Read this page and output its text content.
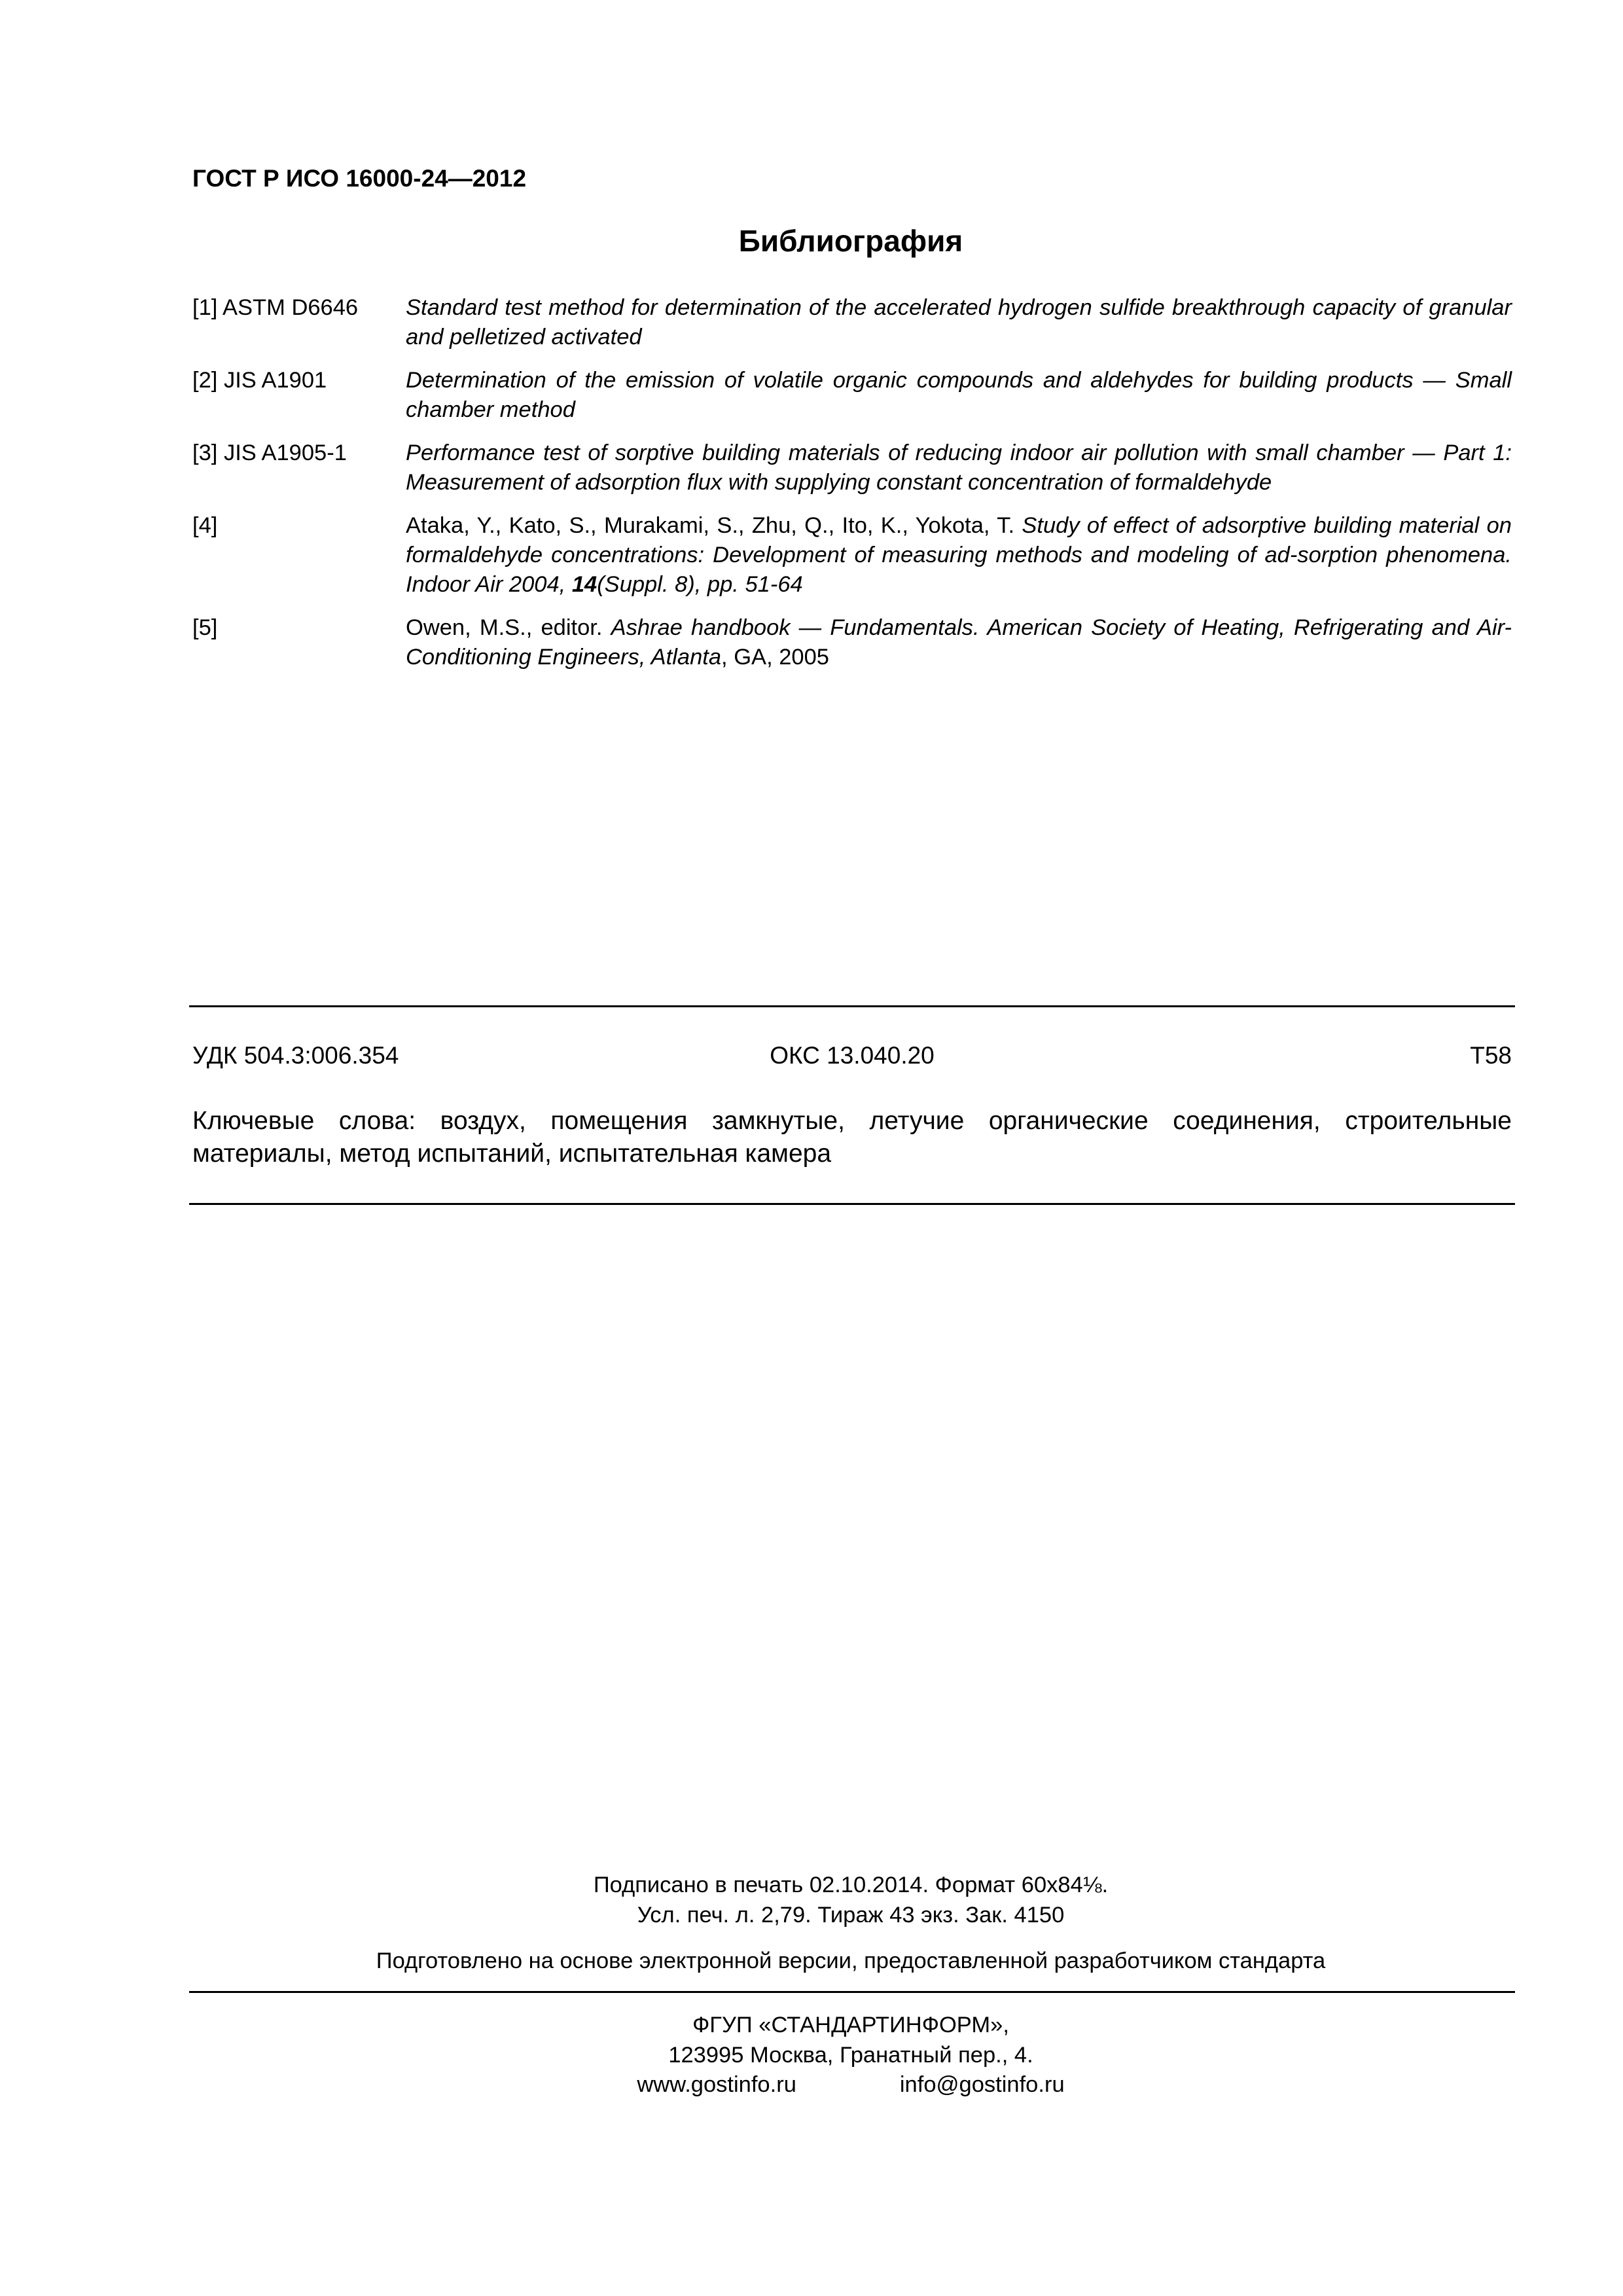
ГОСТ Р ИСО 16000-24—2012
Библиография
[1] ASTM D6646	Standard test method for determination of the accelerated hydrogen sulfide breakthrough capacity of granular and pelletized activated
[2] JIS A1901	Determination of the emission of volatile organic compounds and aldehydes for building products — Small chamber method
[3] JIS A1905-1	Performance test of sorptive building materials of reducing indoor air pollution with small chamber — Part 1: Measurement of adsorption flux with supplying constant concentration of formaldehyde
[4]	Ataka, Y., Kato, S., Murakami, S., Zhu, Q., Ito, K., Yokota, T. Study of effect of adsorptive building material on formaldehyde concentrations: Development of measuring methods and modeling of ad-sorption phenomena. Indoor Air 2004, 14(Suppl. 8), pp. 51-64
[5]	Owen, M.S., editor. Ashrae handbook — Fundamentals. American Society of Heating, Refrigerating and Air-Conditioning Engineers, Atlanta, GA, 2005
УДК 504.3:006.354	ОКС 13.040.20	Т58
Ключевые слова: воздух, помещения замкнутые, летучие органические соединения, строительные материалы, метод испытаний, испытательная камера
Подписано в печать 02.10.2014. Формат 60x84⅛.
Усл. печ. л. 2,79. Тираж 43 экз. Зак. 4150
Подготовлено на основе электронной версии, предоставленной разработчиком стандарта
ФГУП «СТАНДАРТИНФОРМ»,
123995 Москва, Гранатный пер., 4.
www.gostinfo.ru	info@gostinfo.ru
